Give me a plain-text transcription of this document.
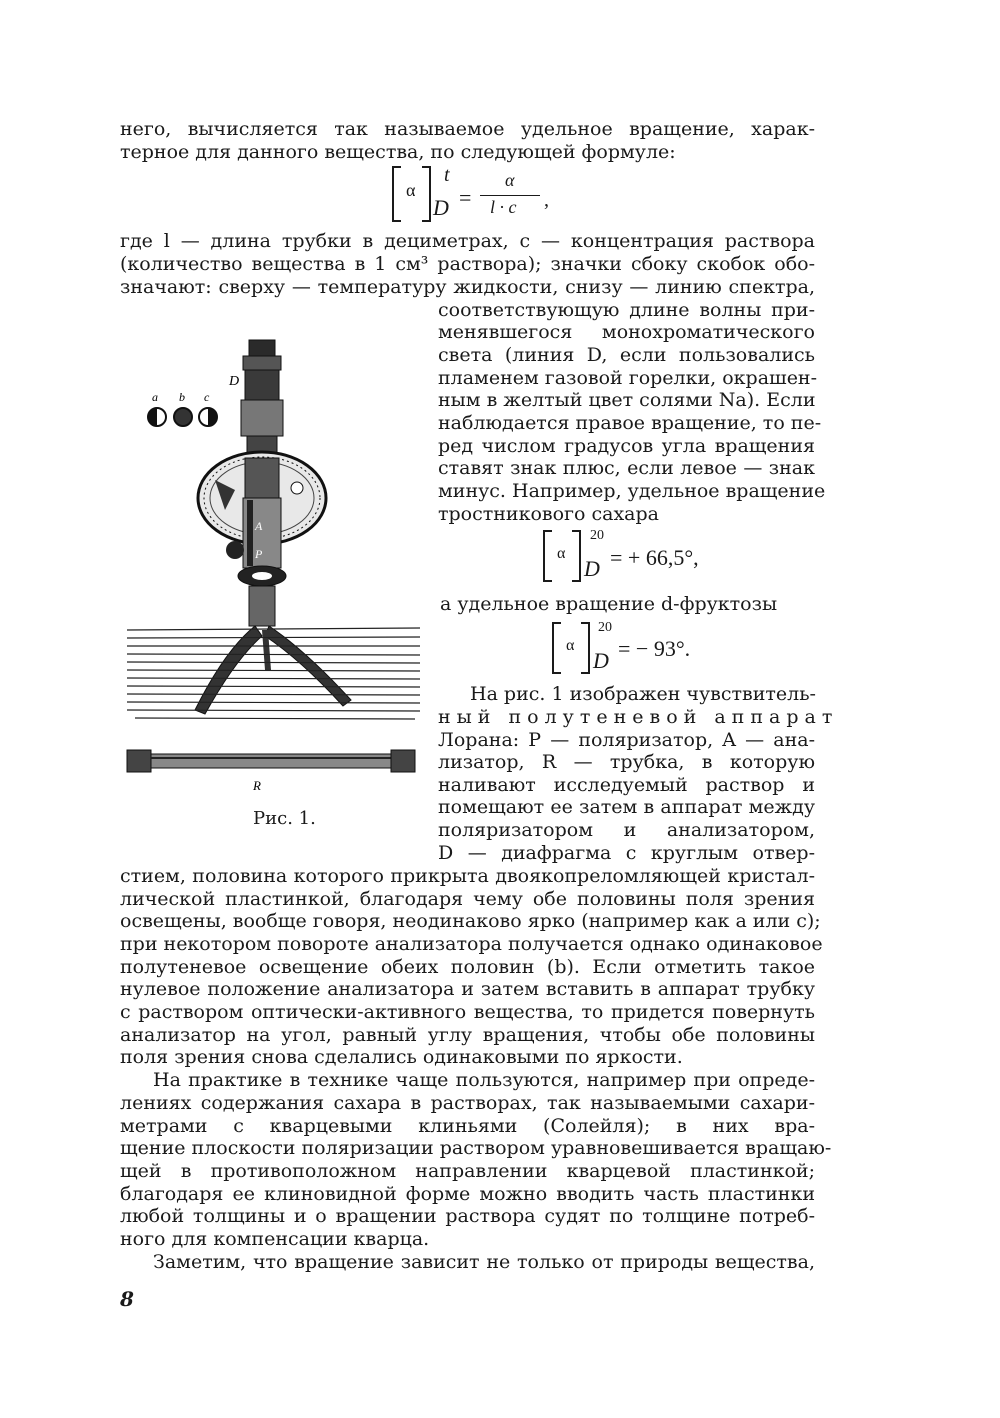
него, вычисляется так называемое удельное вращение, харак-
терное для данного вещества, по следующей формуле:
α
t
D =
α
l · c ,
где l — длина трубки в дециметрах, c — концентрация раствора
(количество вещества в 1 см³ раствора); значки сбоку скобок обо-
значают: сверху — температуру жидкости, снизу — линию спектра,
соответствующую длине волны при-
менявшегося монохроматического
света (линия D, если пользовались
пламенем газовой горелки, окрашен-
ным в желтый цвет солями Na). Если
наблюдается правое вращение, то пе-
ред числом градусов угла вращения
ставят знак плюс, если левое — знак
минус. Например, удельное вращение
тростникового сахара
α
20
D = + 66,5°,
а удельное вращение d-фруктозы
α
20
D = − 93°.
На рис. 1 изображен чувствитель-
ный полутеневой аппарат
Лорана: P — поляризатор, A — ана-
лизатор, R — трубка, в которую
наливают исследуемый раствор и
помещают ее затем в аппарат между
поляризатором и анализатором,
D — диафрагма с круглым отвер-
стием, половина которого прикрыта двоякопреломляющей кристал-
лической пластинкой, благодаря чему обе половины поля зрения
освещены, вообще говоря, неодинаково ярко (например как a или c);
при некотором повороте анализатора получается однако одинаковое
полутеневое освещение обеих половин (b). Если отметить такое
нулевое положение анализатора и затем вставить в аппарат трубку
с раствором оптически-активного вещества, то придется повернуть
анализатор на угол, равный углу вращения, чтобы обе половины
поля зрения снова сделались одинаковыми по яркости.
На практике в технике чаще пользуются, например при опреде-
лениях содержания сахара в растворах, так называемыми сахари-
метрами с кварцевыми клиньями (Солейля); в них вра-
щение плоскости поляризации раствором уравновешивается вращаю-
щей в противоположном направлении кварцевой пластинкой;
благодаря ее клиновидной форме можно вводить часть пластинки
любой толщины и о вращении раствора судят по толщине потреб-
ного для компенсации кварца.
Заметим, что вращение зависит не только от природы вещества,
a b c
D
A
P
R
Рис. 1.
8
